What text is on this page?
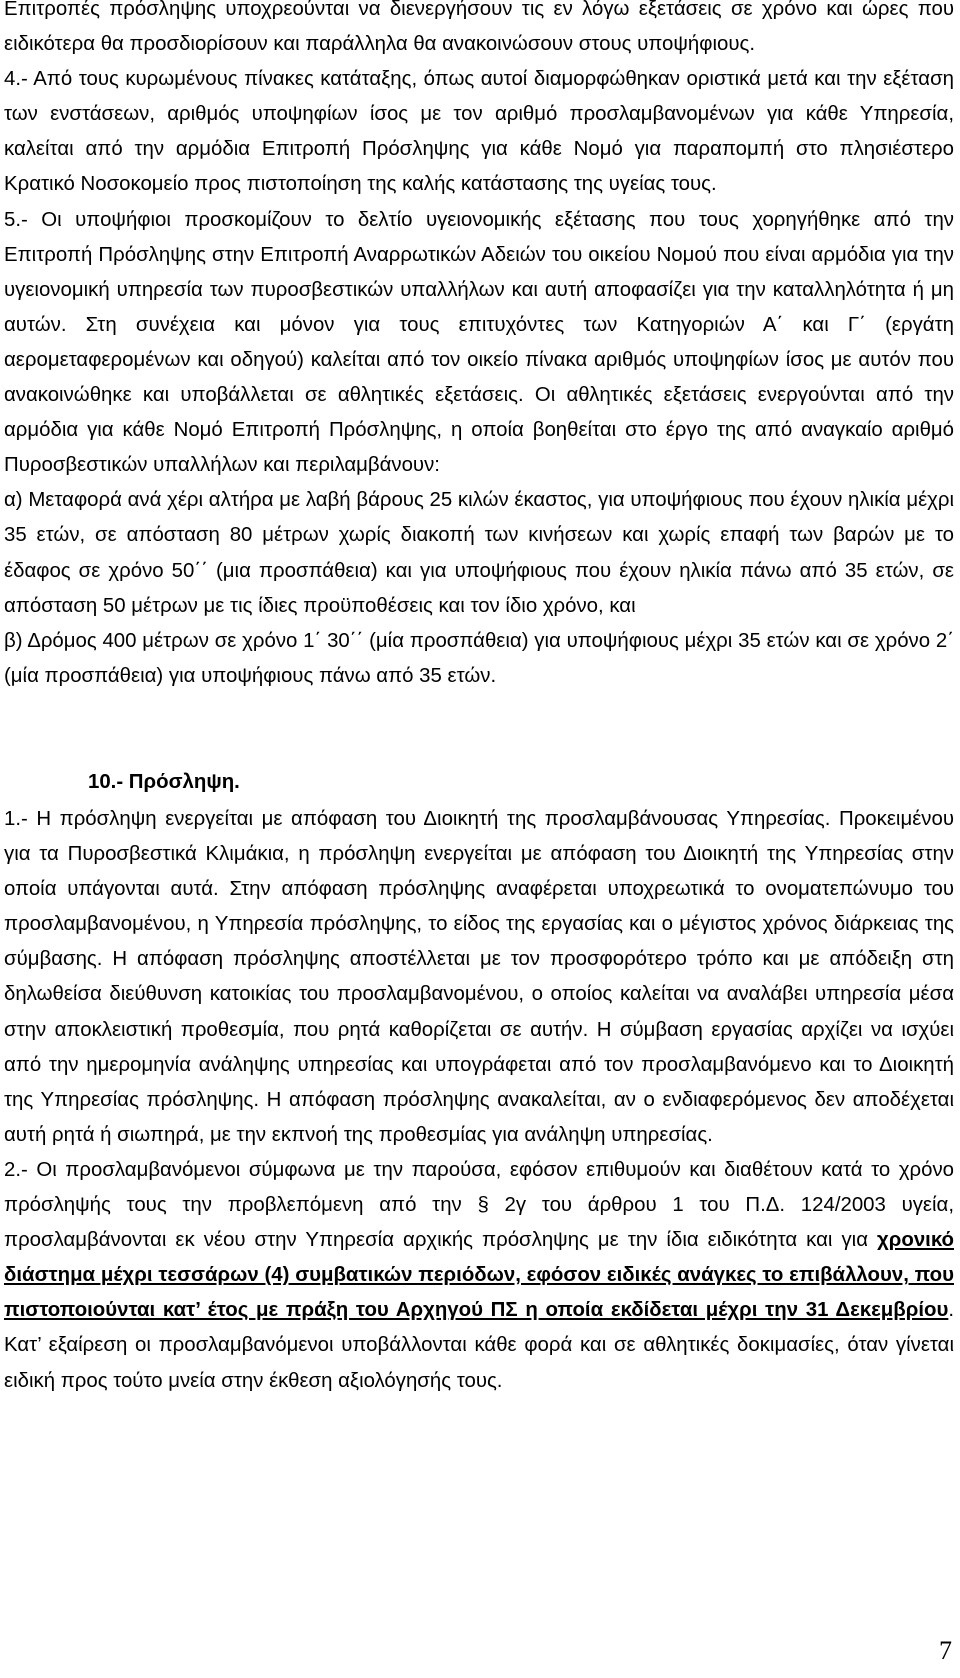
Επιτροπές πρόσληψης υποχρεούνται να διενεργήσουν τις εν λόγω εξετάσεις σε χρόνο και ώρες που ειδικότερα θα προσδιορίσουν και παράλληλα θα ανακοινώσουν στους υποψήφιους.

4.- Από τους κυρωμένους πίνακες κατάταξης, όπως αυτοί διαμορφώθηκαν οριστικά μετά και την εξέταση των ενστάσεων, αριθμός υποψηφίων ίσος με τον αριθμό προσλαμβανομένων για κάθε Υπηρεσία, καλείται από την αρμόδια Επιτροπή Πρόσληψης για κάθε Νομό για παραπομπή στο πλησιέστερο Κρατικό Νοσοκομείο προς πιστοποίηση της καλής κατάστασης της υγείας τους.

5.- Οι υποψήφιοι προσκομίζουν το δελτίο υγειονομικής εξέτασης που τους χορηγήθηκε από την Επιτροπή Πρόσληψης στην Επιτροπή Αναρρωτικών Αδειών του οικείου Νομού που είναι αρμόδια για την υγειονομική υπηρεσία των πυροσβεστικών υπαλλήλων και αυτή αποφασίζει για την καταλληλότητα ή μη αυτών. Στη συνέχεια και μόνον για τους επιτυχόντες των Κατηγοριών Α΄ και Γ΄ (εργάτη αερομεταφερομένων και οδηγού) καλείται από τον οικείο πίνακα αριθμός υποψηφίων ίσος με αυτόν που ανακοινώθηκε και υποβάλλεται σε αθλητικές εξετάσεις. Οι αθλητικές εξετάσεις ενεργούνται από την αρμόδια για κάθε Νομό Επιτροπή Πρόσληψης, η οποία βοηθείται στο έργο της από αναγκαίο αριθμό Πυροσβεστικών υπαλλήλων και περιλαμβάνουν:

α) Μεταφορά ανά χέρι αλτήρα με λαβή βάρους 25 κιλών έκαστος, για υποψήφιους που έχουν ηλικία μέχρι 35 ετών, σε απόσταση 80 μέτρων χωρίς διακοπή των κινήσεων και χωρίς επαφή των βαρών με το έδαφος σε χρόνο 50΄΄ (μια προσπάθεια) και για υποψήφιους που έχουν ηλικία πάνω από 35 ετών, σε απόσταση 50 μέτρων με τις ίδιες προϋποθέσεις και τον ίδιο χρόνο, και

β) Δρόμος 400 μέτρων σε χρόνο 1΄ 30΄΄ (μία προσπάθεια) για υποψήφιους μέχρι 35 ετών και σε χρόνο 2΄ (μία προσπάθεια) για υποψήφιους πάνω από 35 ετών.

10.- Πρόσληψη.

1.- Η πρόσληψη ενεργείται με απόφαση του Διοικητή της προσλαμβάνουσας Υπηρεσίας. Προκειμένου για τα Πυροσβεστικά Κλιμάκια, η πρόσληψη ενεργείται με απόφαση του Διοικητή της Υπηρεσίας στην οποία υπάγονται αυτά. Στην απόφαση πρόσληψης αναφέρεται υποχρεωτικά το ονοματεπώνυμο του προσλαμβανομένου, η Υπηρεσία πρόσληψης, το είδος της εργασίας και ο μέγιστος χρόνος διάρκειας της σύμβασης. Η απόφαση πρόσληψης αποστέλλεται με τον προσφορότερο τρόπο και με απόδειξη στη δηλωθείσα διεύθυνση κατοικίας του προσλαμβανομένου, ο οποίος καλείται να αναλάβει υπηρεσία μέσα στην αποκλειστική προθεσμία, που ρητά καθορίζεται σε αυτήν. Η σύμβαση εργασίας αρχίζει να ισχύει από την ημερομηνία ανάληψης υπηρεσίας και υπογράφεται από τον προσλαμβανόμενο και το Διοικητή της Υπηρεσίας πρόσληψης. Η απόφαση πρόσληψης ανακαλείται, αν ο ενδιαφερόμενος δεν αποδέχεται αυτή ρητά ή σιωπηρά, με την εκπνοή της προθεσμίας για ανάληψη υπηρεσίας.

2.- Οι προσλαμβανόμενοι σύμφωνα με την παρούσα, εφόσον επιθυμούν και διαθέτουν κατά το χρόνο πρόσληψής τους την προβλεπόμενη από την § 2γ του άρθρου 1 του Π.Δ. 124/2003 υγεία, προσλαμβάνονται εκ νέου στην Υπηρεσία αρχικής πρόσληψης με την ίδια ειδικότητα και για χρονικό διάστημα μέχρι τεσσάρων (4) συμβατικών περιόδων, εφόσον ειδικές ανάγκες το επιβάλλουν, που πιστοποιούνται κατ’ έτος με πράξη του Αρχηγού ΠΣ η οποία εκδίδεται μέχρι την 31 Δεκεμβρίου. Κατ’ εξαίρεση οι προσλαμβανόμενοι υποβάλλονται κάθε φορά και σε αθλητικές δοκιμασίες, όταν γίνεται ειδική προς τούτο μνεία στην έκθεση αξιολόγησής τους.

7
